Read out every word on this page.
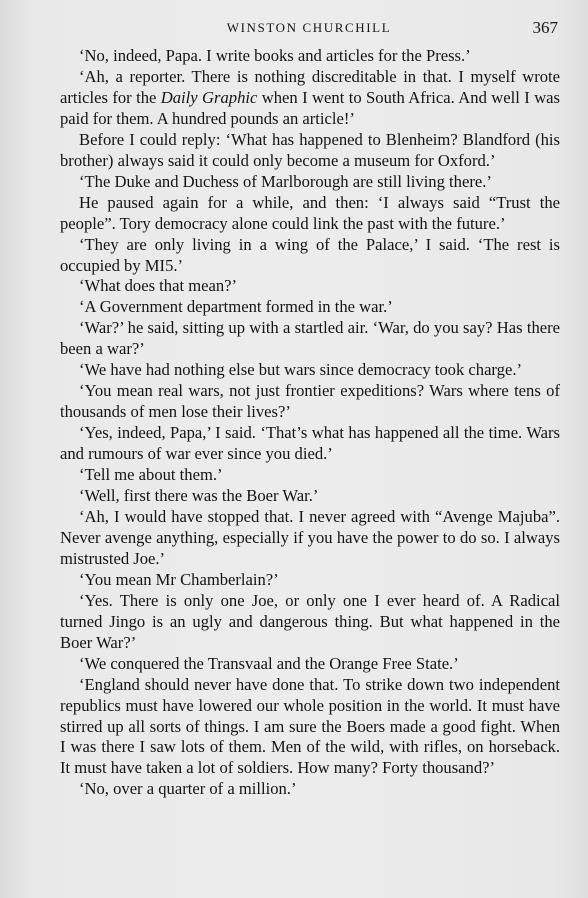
WINSTON CHURCHILL	367

‘No, indeed, Papa. I write books and articles for the Press.’

‘Ah, a reporter. There is nothing discreditable in that. I myself wrote articles for the Daily Graphic when I went to South Africa. And well I was paid for them. A hundred pounds an article!’

Before I could reply: ‘What has happened to Blenheim? Blandford (his brother) always said it could only become a museum for Oxford.’

‘The Duke and Duchess of Marlborough are still living there.’

He paused again for a while, and then: ‘I always said “Trust the people”. Tory democracy alone could link the past with the future.’

‘They are only living in a wing of the Palace,’ I said. ‘The rest is occupied by MI5.’

‘What does that mean?’

‘A Government department formed in the war.’

‘War?’ he said, sitting up with a startled air. ‘War, do you say? Has there been a war?’

‘We have had nothing else but wars since democracy took charge.’

‘You mean real wars, not just frontier expeditions? Wars where tens of thousands of men lose their lives?’

‘Yes, indeed, Papa,’ I said. ‘That’s what has happened all the time. Wars and rumours of war ever since you died.’

‘Tell me about them.’

‘Well, first there was the Boer War.’

‘Ah, I would have stopped that. I never agreed with “Avenge Majuba”. Never avenge anything, especially if you have the power to do so. I always mistrusted Joe.’

‘You mean Mr Chamberlain?’

‘Yes. There is only one Joe, or only one I ever heard of. A Radical turned Jingo is an ugly and dangerous thing. But what happened in the Boer War?’

‘We conquered the Transvaal and the Orange Free State.’

‘England should never have done that. To strike down two independent republics must have lowered our whole position in the world. It must have stirred up all sorts of things. I am sure the Boers made a good fight. When I was there I saw lots of them. Men of the wild, with rifles, on horseback. It must have taken a lot of soldiers. How many? Forty thousand?’

‘No, over a quarter of a million.’
